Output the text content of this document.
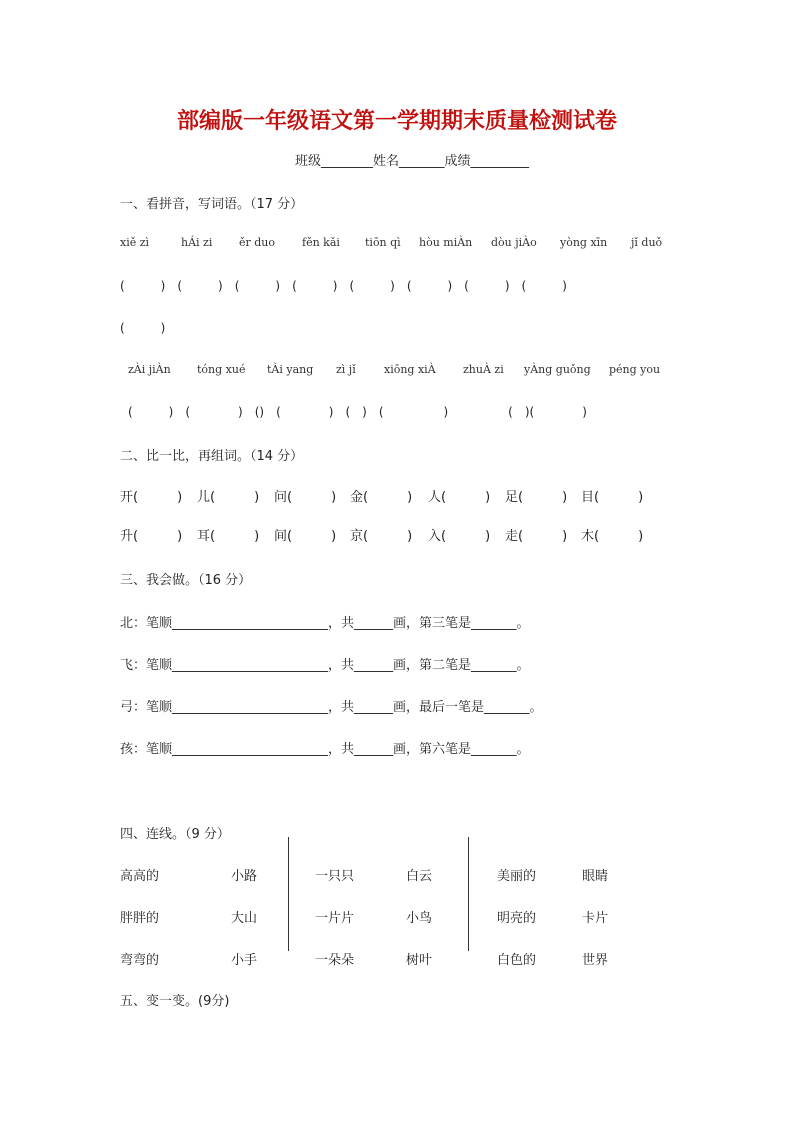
部编版一年级语文第一学期期末质量检测试卷
班级________姓名_______成绩_________
一、看拼音，写词语。（17 分）
xiě zì	hÁi zi ěr duo fěn kǎi tiōn qì hòu miÀn dòu jiÀo yòng xīn jǐ duǒ
(　　　)　(　　　)　(　　　)　(　　　)　(　　　)　(　　　)　(　　　)　(　　　)
(　　　)
zÀi jiÀn tóng xué tÀi yang zì jǐ	xiōng xiÀ zhuÀ zi yÀng guǒng péng you
(　　　)　(　　　　)　()　(　　　　)　(　)　(　　　　　)　　　　　(　)(　　　　)
二、比一比，再组词。（14 分）
开(　　　) 儿(　　　) 问(　　　) 金(　　　) 人(　　　) 足(　　　) 目(　　　)
升(　　　) 耳(　　　) 间(　　　) 京(　　　) 入(　　　) 走(　　　) 木(　　　)
三、我会做。（16 分）
北：笔顺________________________，共______画，第三笔是_______。
飞：笔顺________________________，共______画，第二笔是_______。
弓：笔顺________________________，共______画，最后一笔是_______。
孩：笔顺________________________，共______画，第六笔是_______。
四、连线。（9 分）
高高的
胖胖的
弯弯的
小路
大山
小手
一只只
一片片
一朵朵
白云
小鸟
树叶
美丽的
明亮的
白色的
眼睛
卡片
世界
五、变一变。(9分)
